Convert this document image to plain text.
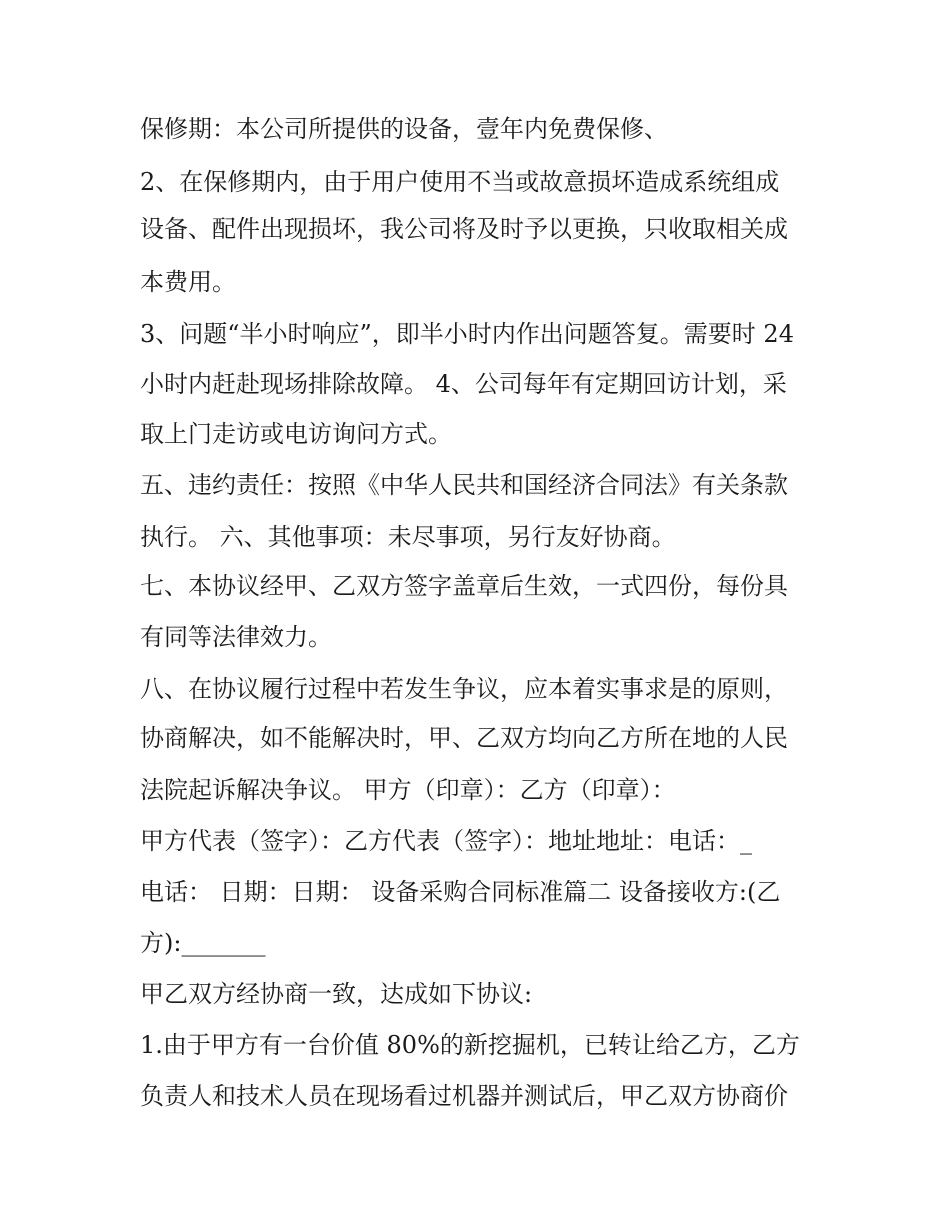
保修期：本公司所提供的设备，壹年内免费保修、

2、在保修期内，由于用户使用不当或故意损坏造成系统组成

设备、配件出现损坏，我公司将及时予以更换，只收取相关成

本费用。

3、问题“半小时响应”，即半小时内作出问题答复。需要时 24

小时内赶赴现场排除故障。 4、公司每年有定期回访计划，采

取上门走访或电访询问方式。

五、违约责任：按照《中华人民共和国经济合同法》有关条款

执行。 六、其他事项：未尽事项，另行友好协商。

七、本协议经甲、乙双方签字盖章后生效，一式四份，每份具

有同等法律效力。

八、在协议履行过程中若发生争议，应本着实事求是的原则，

协商解决，如不能解决时，甲、乙双方均向乙方所在地的人民

法院起诉解决争议。 甲方（印章）：乙方（印章）：

甲方代表（签字）：乙方代表（签字）：地址地址：电话：_

电话： 日期：日期： 设备采购合同标准篇二 设备接收方:(乙

方):_______

甲乙双方经协商一致，达成如下协议:

1.由于甲方有一台价值 80%的新挖掘机，已转让给乙方，乙方

负责人和技术人员在现场看过机器并测试后，甲乙双方协商价
